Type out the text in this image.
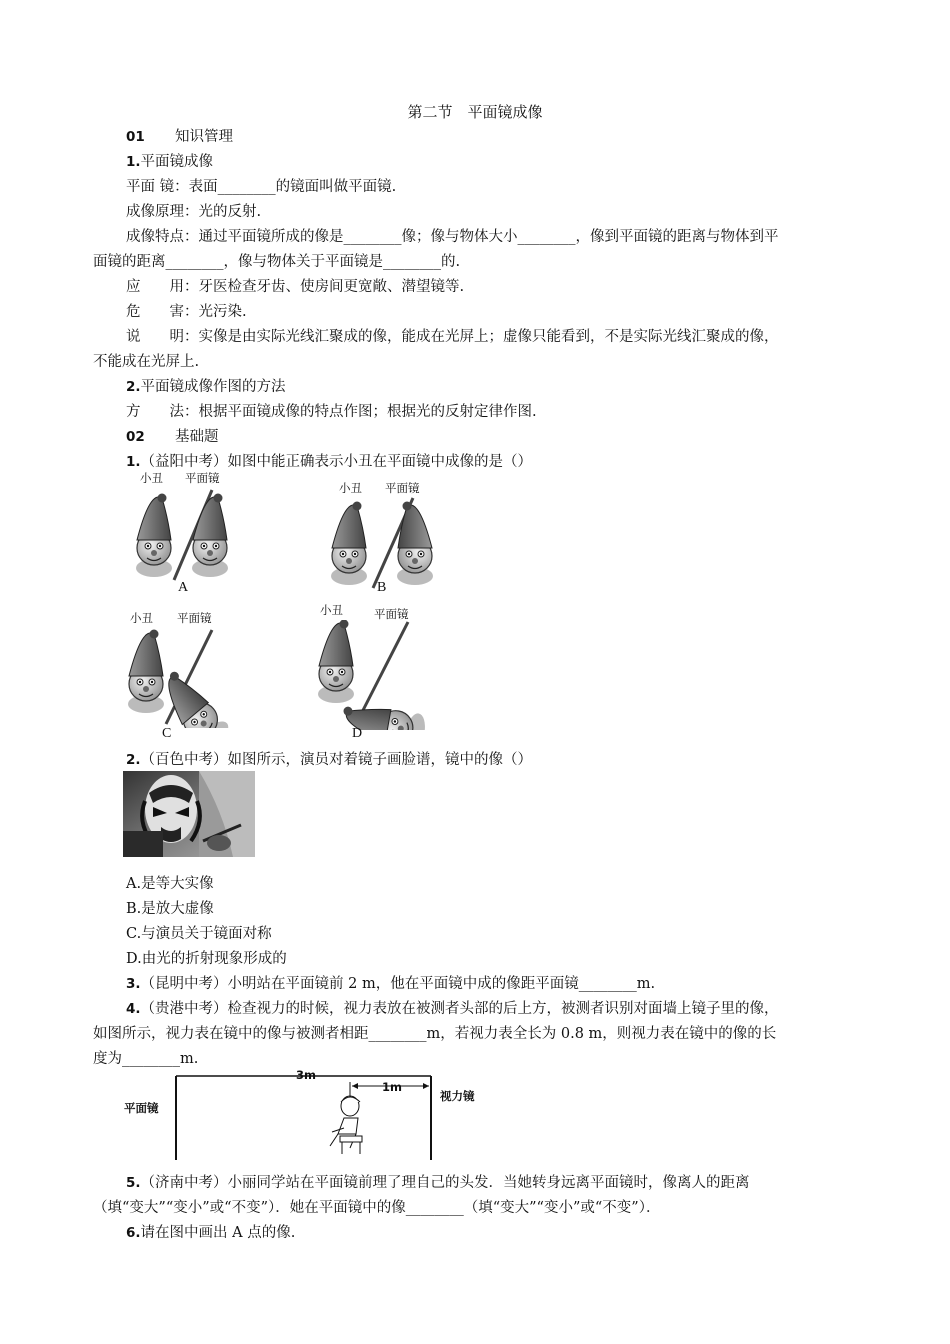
第二节　平面镜成像
01 知识管理
1.平面镜成像
平面 镜：表面________的镜面叫做平面镜.
成像原理：光的反射.
成像特点：通过平面镜所成的像是________像；像与物体大小________，像到平面镜的距离与物体到平
面镜的距离________，像与物体关于平面镜是________的.
应　　用：牙医检查牙齿、使房间更宽敞、潜望镜等.
危　　害：光污染.
说　　明：实像是由实际光线汇聚成的像，能成在光屏上；虚像只能看到，不是实际光线汇聚成的像，
不能成在光屏上.
2.平面镜成像作图的方法
方　　法：根据平面镜成像的特点作图；根据光的反射定律作图.
02 基础题
1.（益阳中考）如图中能正确表示小丑在平面镜中成像的是（）
小丑 平面镜
A
小丑 平面镜
B
小丑 平面镜
C
小丑	平面镜
D
2.（百色中考）如图所示，演员对着镜子画脸谱，镜中的像（）
A.是等大实像
B.是放大虚像
C.与演员关于镜面对称
D.由光的折射现象形成的
3.（昆明中考）小明站在平面镜前 2 m，他在平面镜中成的像距平面镜________m.
4.（贵港中考）检查视力的时候，视力表放在被测者头部的后上方，被测者识别对面墙上镜子里的像，
如图所示，视力表在镜中的像与被测者相距________m，若视力表全长为 0.8 m，则视力表在镜中的像的长
度为________m.
平面镜
3m
1m
视力镜
5.（济南中考）小丽同学站在平面镜前理了理自己的头发．当她转身远离平面镜时，像离人的距离
（填“变大”“变小”或“不变”）．她在平面镜中的像________（填“变大”“变小”或“不变”）．
6.请在图中画出 A 点的像.
